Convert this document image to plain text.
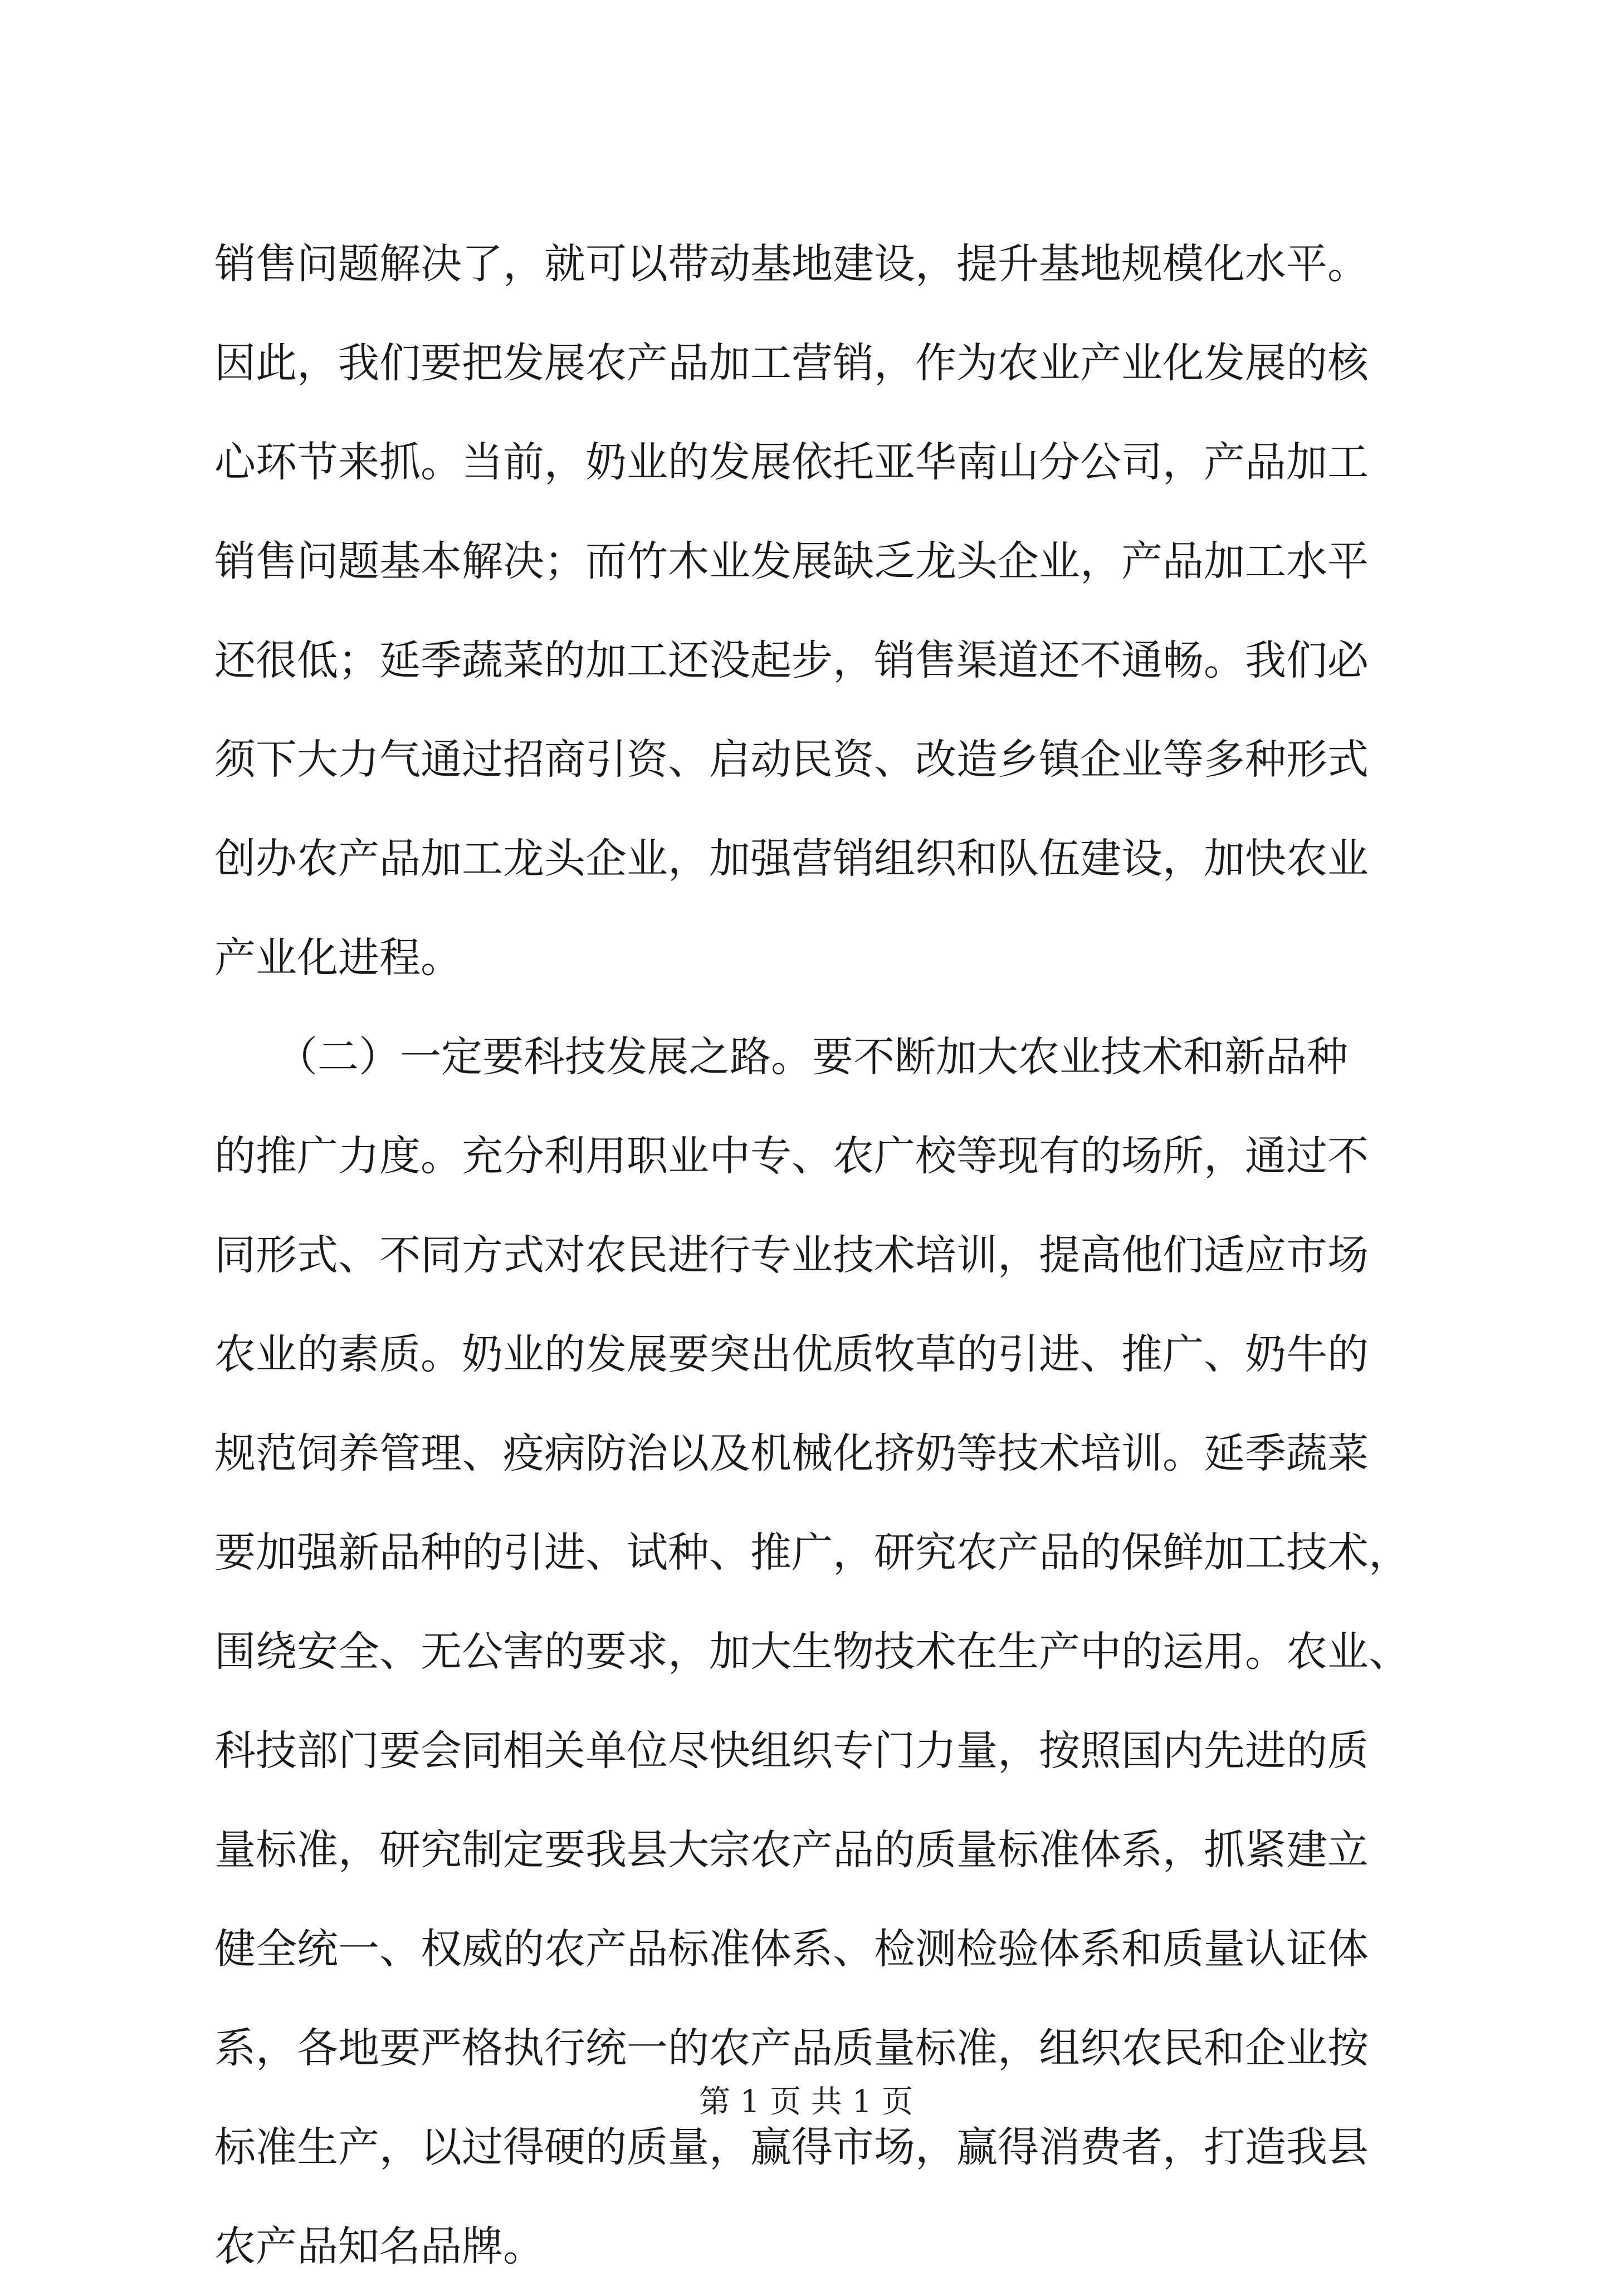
销售问题解决了，就可以带动基地建设，提升基地规模化水平。
因此，我们要把发展农产品加工营销，作为农业产业化发展的核
心环节来抓。当前，奶业的发展依托亚华南山分公司，产品加工
销售问题基本解决；而竹木业发展缺乏龙头企业，产品加工水平
还很低；延季蔬菜的加工还没起步，销售渠道还不通畅。我们必
须下大力气通过招商引资、启动民资、改造乡镇企业等多种形式
创办农产品加工龙头企业，加强营销组织和队伍建设，加快农业
产业化进程。
　　（二）一定要科技发展之路。要不断加大农业技术和新品种
的推广力度。充分利用职业中专、农广校等现有的场所，通过不
同形式、不同方式对农民进行专业技术培训，提高他们适应市场
农业的素质。奶业的发展要突出优质牧草的引进、推广、奶牛的
规范饲养管理、疫病防治以及机械化挤奶等技术培训。延季蔬菜
要加强新品种的引进、试种、推广，研究农产品的保鲜加工技术，
围绕安全、无公害的要求，加大生物技术在生产中的运用。农业、
科技部门要会同相关单位尽快组织专门力量，按照国内先进的质
量标准，研究制定要我县大宗农产品的质量标准体系，抓紧建立
健全统一、权威的农产品标准体系、检测检验体系和质量认证体
系，各地要严格执行统一的农产品质量标准，组织农民和企业按
标准生产，以过得硬的质量，赢得市场，赢得消费者，打造我县
农产品知名品牌。
第 1 页 共 1 页
